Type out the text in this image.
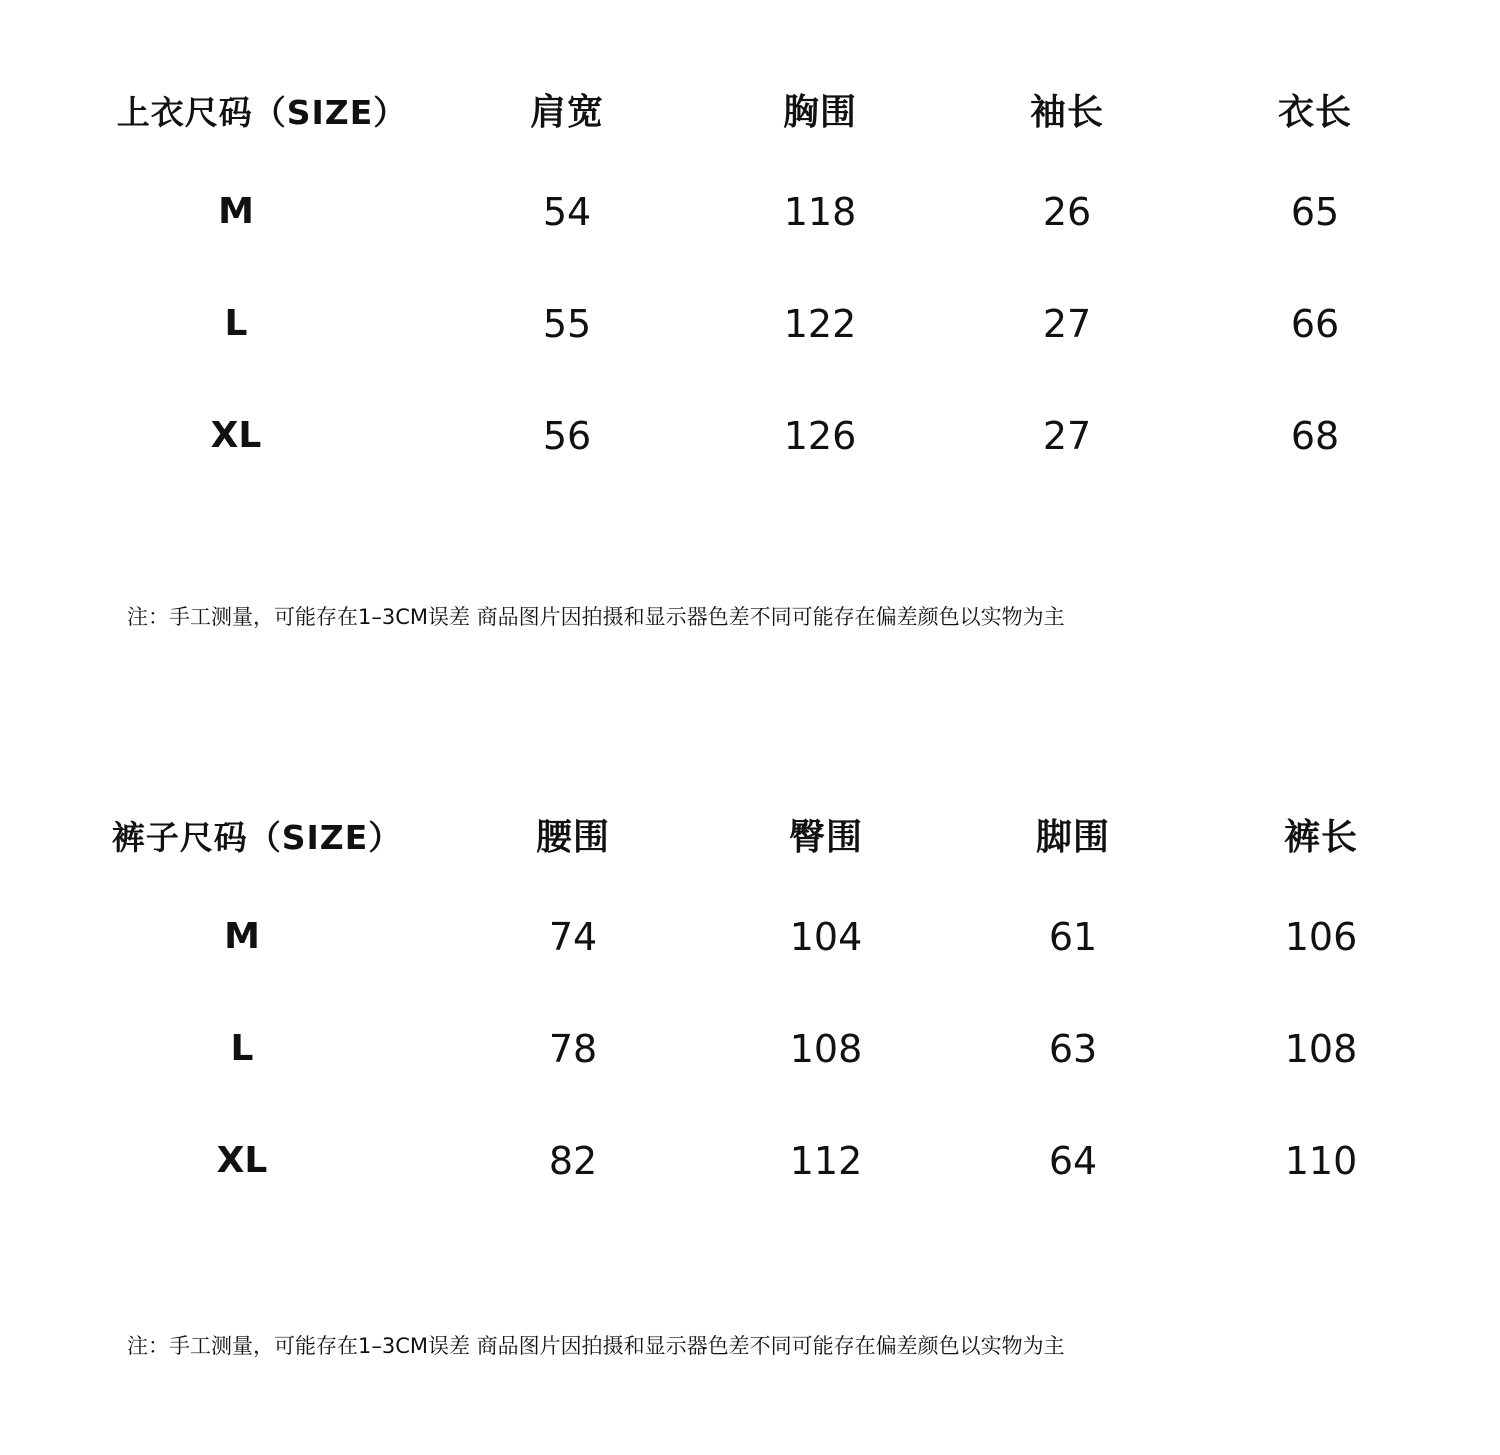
上衣尺码（SIZE）	肩宽	胸围	袖长	衣长
M	54	118	26	65
L	55	122	27	66
XL	56	126	27	68
注：手工测量，可能存在1–3CM误差 商品图片因拍摄和显示器色差不同可能存在偏差颜色以实物为主
裤子尺码（SIZE）	腰围	臀围	脚围	裤长
M	74	104	61	106
L	78	108	63	108
XL	82	112	64	110
注：手工测量，可能存在1–3CM误差 商品图片因拍摄和显示器色差不同可能存在偏差颜色以实物为主
